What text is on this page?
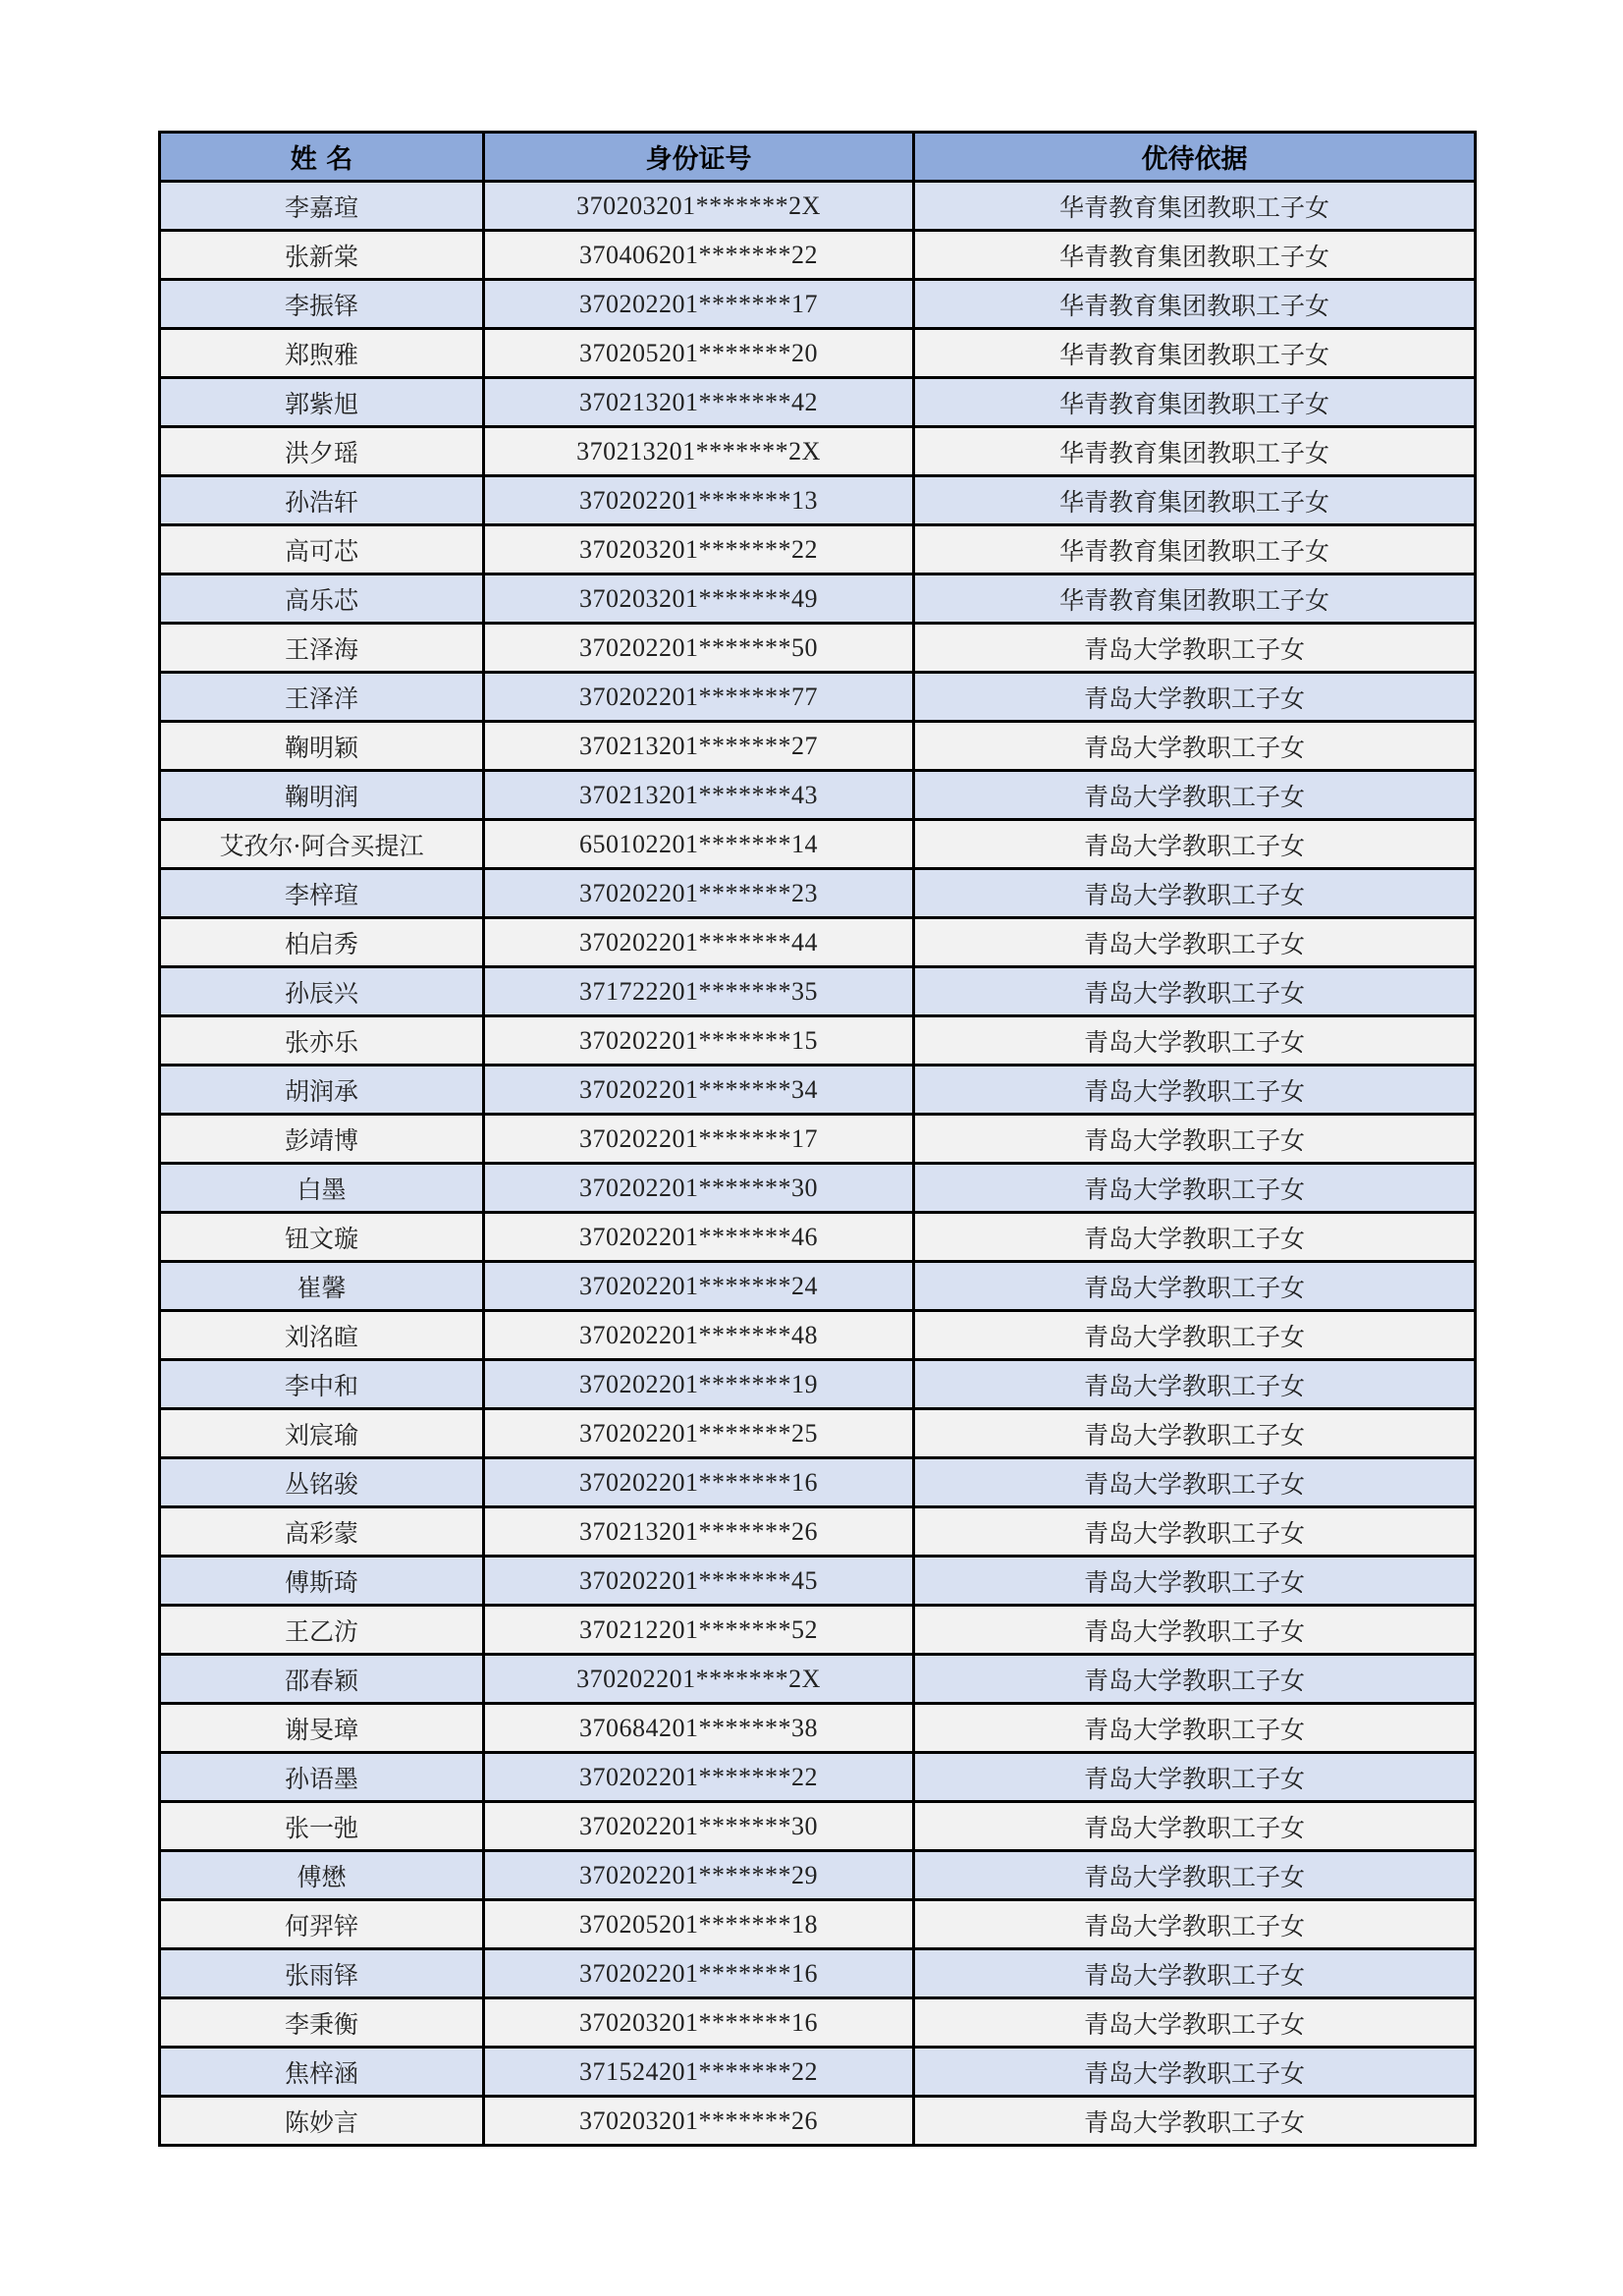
姓 名	身份证号	优待依据
李嘉瑄	370203201*******2X	华青教育集团教职工子女
张新棠	370406201*******22	华青教育集团教职工子女
李振铎	370202201*******17	华青教育集团教职工子女
郑煦雅	370205201*******20	华青教育集团教职工子女
郭紫旭	370213201*******42	华青教育集团教职工子女
洪夕瑶	370213201*******2X	华青教育集团教职工子女
孙浩轩	370202201*******13	华青教育集团教职工子女
高可芯	370203201*******22	华青教育集团教职工子女
高乐芯	370203201*******49	华青教育集团教职工子女
王泽海	370202201*******50	青岛大学教职工子女
王泽洋	370202201*******77	青岛大学教职工子女
鞠明颖	370213201*******27	青岛大学教职工子女
鞠明润	370213201*******43	青岛大学教职工子女
艾孜尔·阿合买提江	650102201*******14	青岛大学教职工子女
李梓瑄	370202201*******23	青岛大学教职工子女
柏启秀	370202201*******44	青岛大学教职工子女
孙辰兴	371722201*******35	青岛大学教职工子女
张亦乐	370202201*******15	青岛大学教职工子女
胡润承	370202201*******34	青岛大学教职工子女
彭靖博	370202201*******17	青岛大学教职工子女
白墨	370202201*******30	青岛大学教职工子女
钮文璇	370202201*******46	青岛大学教职工子女
崔馨	370202201*******24	青岛大学教职工子女
刘洺暄	370202201*******48	青岛大学教职工子女
李中和	370202201*******19	青岛大学教职工子女
刘宸瑜	370202201*******25	青岛大学教职工子女
丛铭骏	370202201*******16	青岛大学教职工子女
高彩蒙	370213201*******26	青岛大学教职工子女
傅斯琦	370202201*******45	青岛大学教职工子女
王乙汸	370212201*******52	青岛大学教职工子女
邵春颖	370202201*******2X	青岛大学教职工子女
谢旻璋	370684201*******38	青岛大学教职工子女
孙语墨	370202201*******22	青岛大学教职工子女
张一弛	370202201*******30	青岛大学教职工子女
傅懋	370202201*******29	青岛大学教职工子女
何羿锌	370205201*******18	青岛大学教职工子女
张雨铎	370202201*******16	青岛大学教职工子女
李秉衡	370203201*******16	青岛大学教职工子女
焦梓涵	371524201*******22	青岛大学教职工子女
陈妙言	370203201*******26	青岛大学教职工子女
